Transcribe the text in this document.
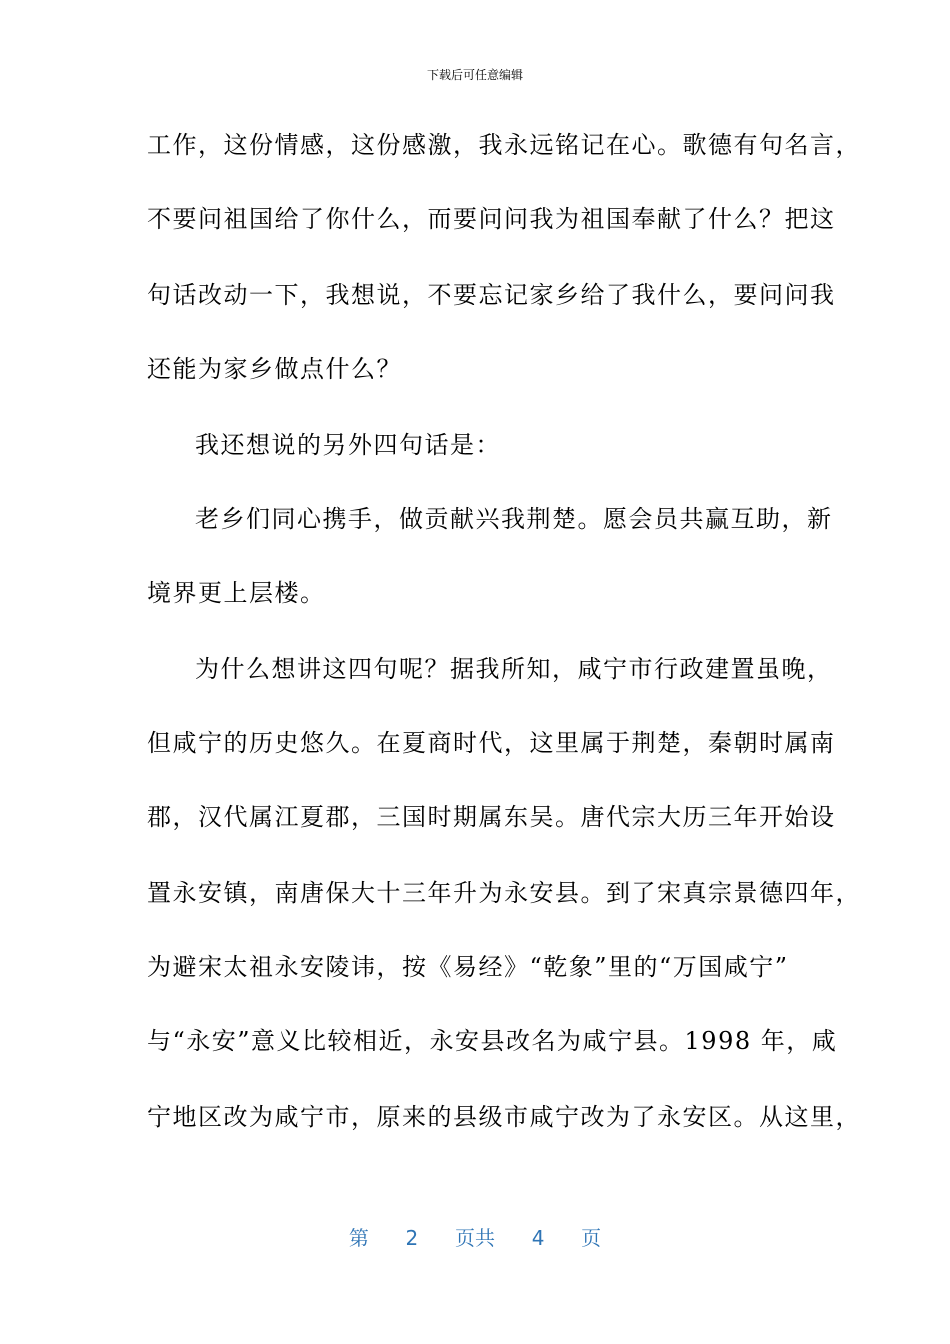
下载后可任意编辑
工作，这份情感，这份感激，我永远铭记在心。歌德有句名言，
不要问祖国给了你什么，而要问问我为祖国奉献了什么？把这
句话改动一下，我想说，不要忘记家乡给了我什么，要问问我
还能为家乡做点什么？
我还想说的另外四句话是：
老乡们同心携手，做贡献兴我荆楚。愿会员共赢互助，新
境界更上层楼。
为什么想讲这四句呢？据我所知，咸宁市行政建置虽晚，
但咸宁的历史悠久。在夏商时代，这里属于荆楚，秦朝时属南
郡，汉代属江夏郡，三国时期属东吴。唐代宗大历三年开始设
置永安镇，南唐保大十三年升为永安县。到了宋真宗景德四年，
为避宋太祖永安陵讳，按《易经》“乾象”里的“万国咸宁”
与“永安”意义比较相近，永安县改名为咸宁县。1998 年，咸
宁地区改为咸宁市，原来的县级市咸宁改为了永安区。从这里，
第 2 页共 4 页
